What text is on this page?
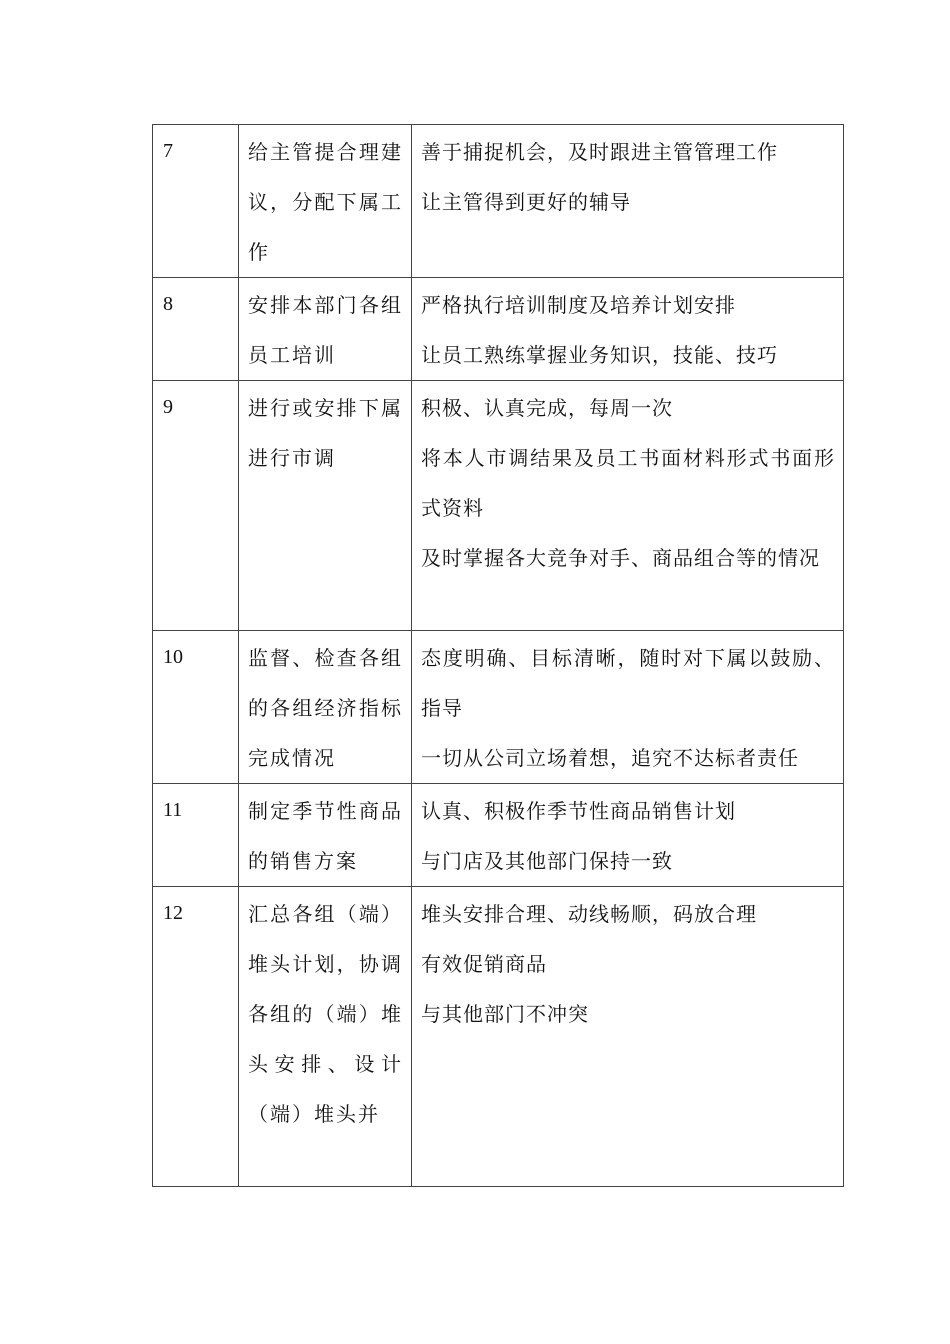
7	给主管提合理建议，分配下属工作	善于捕捉机会，及时跟进主管管理工作
让主管得到更好的辅导

8	安排本部门各组员工培训	严格执行培训制度及培养计划安排
让员工熟练掌握业务知识，技能、技巧

9	进行或安排下属进行市调	积极、认真完成，每周一次
将本人市调结果及员工书面材料形式书面形式资料
及时掌握各大竞争对手、商品组合等的情况

10	监督、检查各组的各组经济指标完成情况	态度明确、目标清晰，随时对下属以鼓励、指导
一切从公司立场着想，追究不达标者责任

11	制定季节性商品的销售方案	认真、积极作季节性商品销售计划
与门店及其他部门保持一致

12	汇总各组（端）堆头计划，协调各组的（端）堆头安排、设计（端）堆头并	堆头安排合理、动线畅顺，码放合理
有效促销商品
与其他部门不冲突
